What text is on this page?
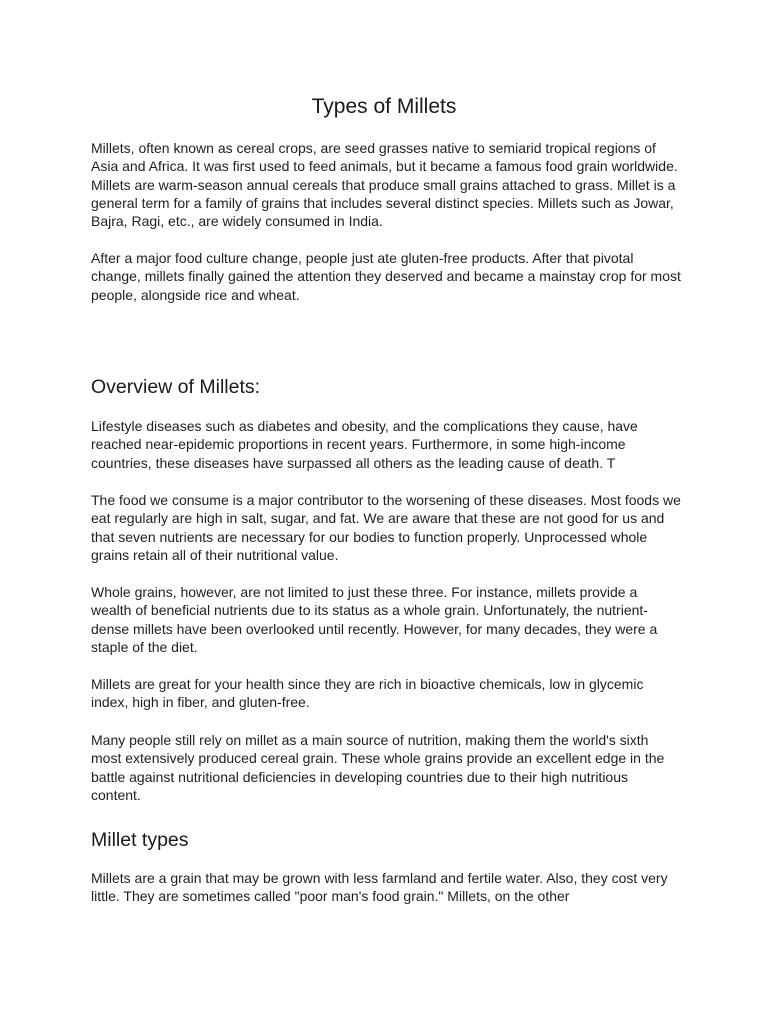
Types of Millets

Millets, often known as cereal crops, are seed grasses native to semiarid tropical regions of Asia and Africa. It was first used to feed animals, but it became a famous food grain worldwide. Millets are warm-season annual cereals that produce small grains attached to grass. Millet is a general term for a family of grains that includes several distinct species. Millets such as Jowar, Bajra, Ragi, etc., are widely consumed in India.

After a major food culture change, people just ate gluten-free products. After that pivotal change, millets finally gained the attention they deserved and became a mainstay crop for most people, alongside rice and wheat.

Overview of Millets:

Lifestyle diseases such as diabetes and obesity, and the complications they cause, have reached near-epidemic proportions in recent years. Furthermore, in some high-income countries, these diseases have surpassed all others as the leading cause of death. T

The food we consume is a major contributor to the worsening of these diseases. Most foods we eat regularly are high in salt, sugar, and fat. We are aware that these are not good for us and that seven nutrients are necessary for our bodies to function properly. Unprocessed whole grains retain all of their nutritional value.

Whole grains, however, are not limited to just these three. For instance, millets provide a wealth of beneficial nutrients due to its status as a whole grain. Unfortunately, the nutrient-dense millets have been overlooked until recently. However, for many decades, they were a staple of the diet.

Millets are great for your health since they are rich in bioactive chemicals, low in glycemic index, high in fiber, and gluten-free.

Many people still rely on millet as a main source of nutrition, making them the world's sixth most extensively produced cereal grain. These whole grains provide an excellent edge in the battle against nutritional deficiencies in developing countries due to their high nutritious content.

Millet types

Millets are a grain that may be grown with less farmland and fertile water. Also, they cost very little. They are sometimes called "poor man's food grain." Millets, on the other
